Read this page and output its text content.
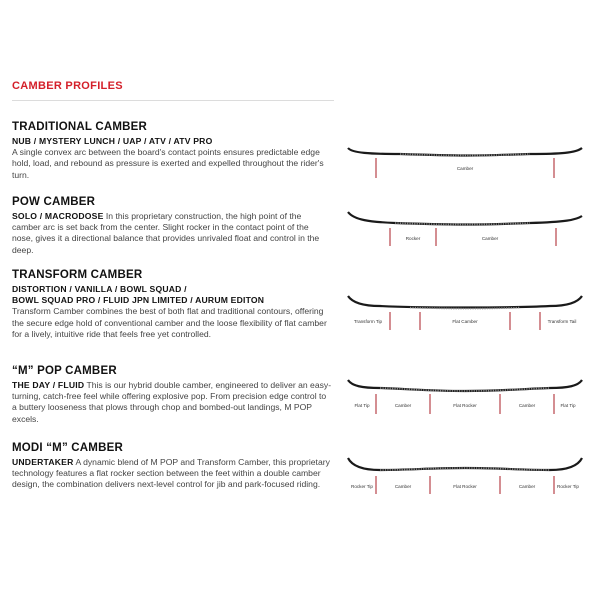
CAMBER PROFILES
TRADITIONAL CAMBER

NUB / MYSTERY LUNCH / UAP / ATV / ATV PRO
A single convex arc between the board's contact points ensures predictable edge hold, load, and rebound as pressure is exerted and expelled throughout the rider's turn.

Camber
POW CAMBER

SOLO / MACRODOSE In this proprietary construction, the high point of the camber arc is set back from the center. Slight rocker in the contact point of the nose, gives it a directional balance that provides unrivaled float and control in the deep.

Rocker	Camber
TRANSFORM CAMBER
DISTORTION / VANILLA / BOWL SQUAD /
BOWL SQUAD PRO / FLUID JPN LIMITED / AURUM EDITON

Transform Camber combines the best of both flat and traditional contours, offering the secure edge hold of conventional camber and the loose flexibility of flat camber for a lively, intuitive ride that feels free yet controlled.

Transform Tip	Flat Camber	Transform Tail
“M” POP CAMBER

THE DAY / FLUID This is our hybrid double camber, engineered to deliver an easy-turning, catch-free feel while offering explosive pop. From precision edge control to a buttery looseness that plows through chop and bombed-out landings, M POP excels.

Flat Tip	Camber	Flat Rocker	Camber	Flat Tip
MODI “M” CAMBER

UNDERTAKER A dynamic blend of M POP and Transform Camber, this proprietary technology features a flat rocker section between the feet within a double camber design, the combination delivers next-level control for jib and park-focused riding.	Rocker Tip	Camber	Flat Rocker	Camber	Rocker Tip
